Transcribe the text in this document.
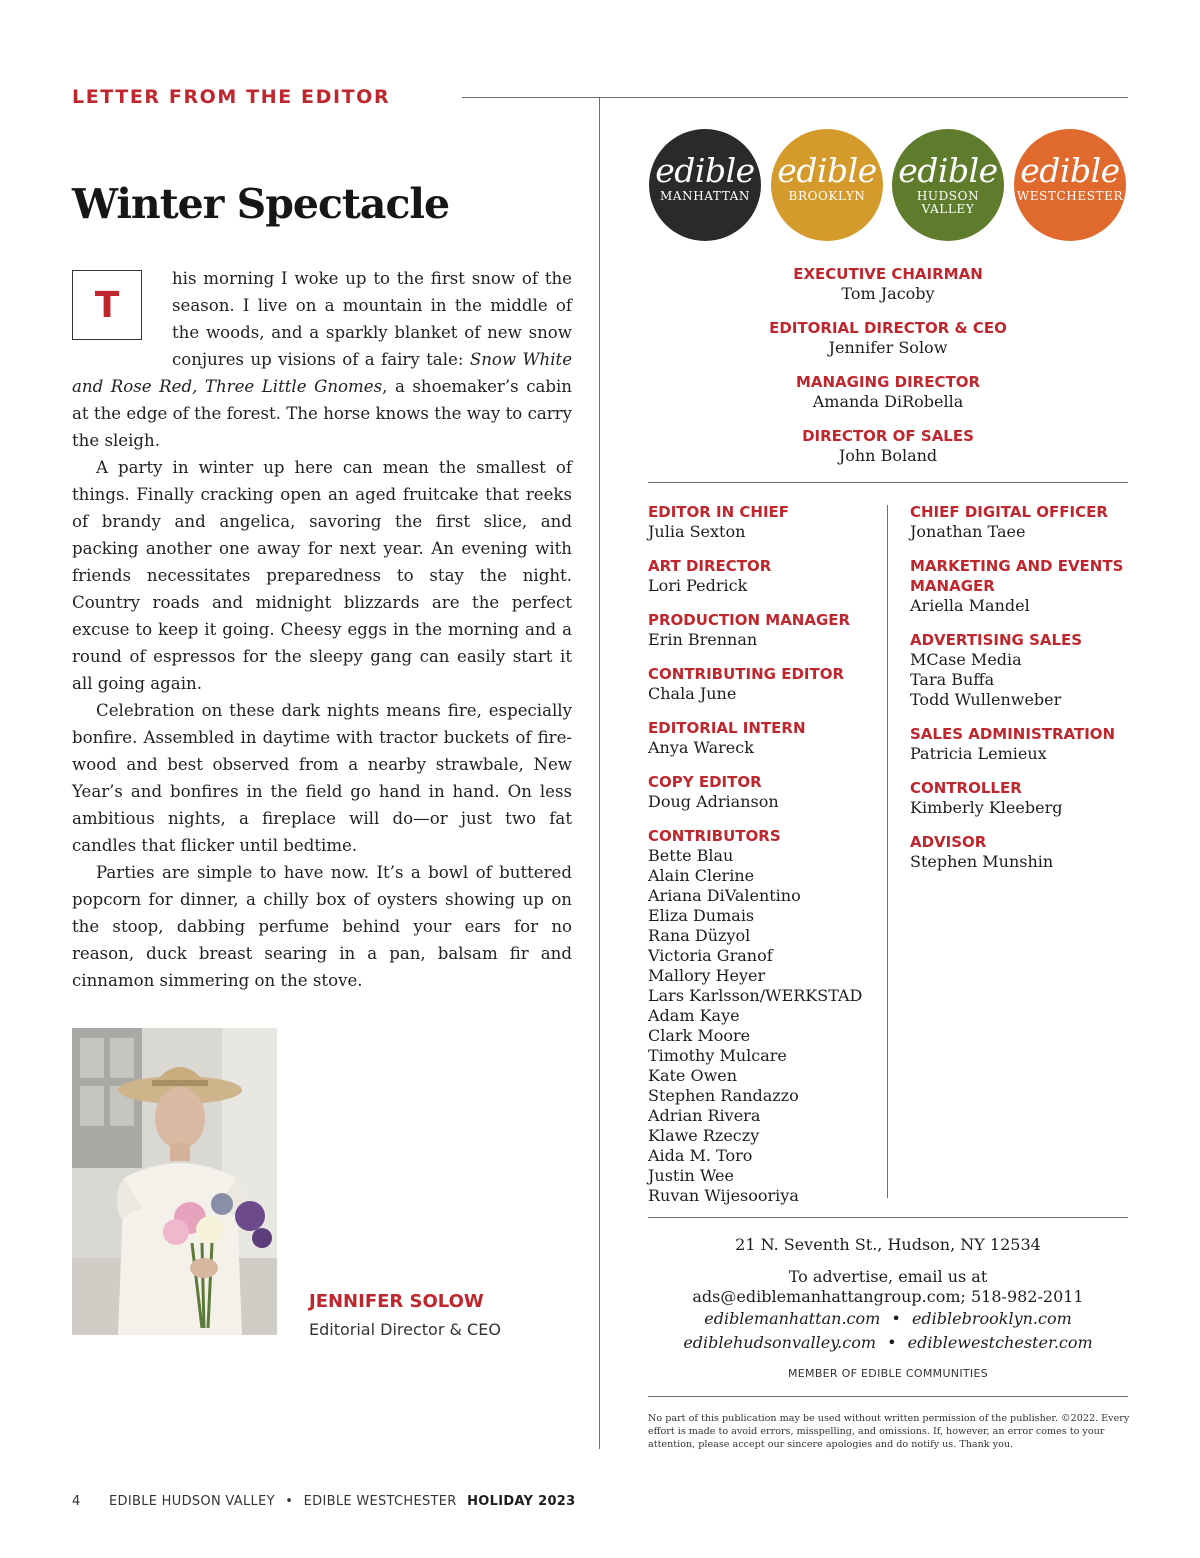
LETTER FROM THE EDITOR
Winter Spectacle
T

his morning I woke up to the first snow of the season. I live on a mountain in the middle of the woods, and a sparkly blanket of new snow conjures up visions of a fairy tale: Snow White and Rose Red, Three Little Gnomes, a shoemaker’s cabin at the edge of the forest. The horse knows the way to carry the sleigh.

A party in winter up here can mean the smallest of things. Finally cracking open an aged fruitcake that reeks of brandy and angelica, savoring the first slice, and packing another one away for next year. An evening with friends necessitates preparedness to stay the night. Country roads and midnight blizzards are the perfect excuse to keep it going. Cheesy eggs in the morning and a round of espressos for the sleepy gang can easily start it all going again.

Celebration on these dark nights means fire, especially bonfire. Assembled in daytime with tractor buckets of firewood and best observed from a nearby strawbale, New Year’s and bonfires in the field go hand in hand. On less ambitious nights, a fireplace will do—or just two fat candles that flicker until bedtime.

Parties are simple to have now. It’s a bowl of buttered popcorn for dinner, a chilly box of oysters showing up on the stoop, dabbing perfume behind your ears for no reason, duck breast searing in a pan, balsam fir and cinnamon simmering on the stove.

JENNIFER SOLOW
Editorial Director & CEO
edible
MANHATTAN
edible
BROOKLYN
edible
HUDSON VALLEY
edible
WESTCHESTER
EXECUTIVE CHAIRMAN
Tom Jacoby
EDITORIAL DIRECTOR & CEO
Jennifer Solow
MANAGING DIRECTOR
Amanda DiRobella
DIRECTOR OF SALES
John Boland
EDITOR IN CHIEF
Julia Sexton
ART DIRECTOR
Lori Pedrick
PRODUCTION MANAGER
Erin Brennan
CONTRIBUTING EDITOR
Chala June
EDITORIAL INTERN
Anya Wareck
COPY EDITOR
Doug Adrianson
CONTRIBUTORS
Bette Blau
Alain Clerine
Ariana DiValentino
Eliza Dumais
Rana Düzyol
Victoria Granof
Mallory Heyer
Lars Karlsson/WERKSTAD
Adam Kaye
Clark Moore
Timothy Mulcare
Kate Owen
Stephen Randazzo
Adrian Rivera
Klawe Rzeczy
Aida M. Toro
Justin Wee
Ruvan Wijesooriya
CHIEF DIGITAL OFFICER
Jonathan Taee
MARKETING AND EVENTS
MANAGER
Ariella Mandel
ADVERTISING SALES
MCase Media
Tara Buffa
Todd Wullenweber
SALES ADMINISTRATION
Patricia Lemieux
CONTROLLER
Kimberly Kleeberg
ADVISOR
Stephen Munshin
21 N. Seventh St., Hudson, NY 12534
To advertise, email us at
ads@ediblemanhattangroup.com; 518-982-2011
ediblemanhattan.com • ediblebrooklyn.com
ediblehudsonvalley.com • ediblewestchester.com
MEMBER OF EDIBLE COMMUNITIES
No part of this publication may be used without written permission of the publisher. ©2022. Every effort is made to avoid errors, misspelling, and omissions. If, however, an error comes to your attention, please accept our sincere apologies and do notify us. Thank you.
4 EDIBLE HUDSON VALLEY • EDIBLE WESTCHESTER HOLIDAY 2023
